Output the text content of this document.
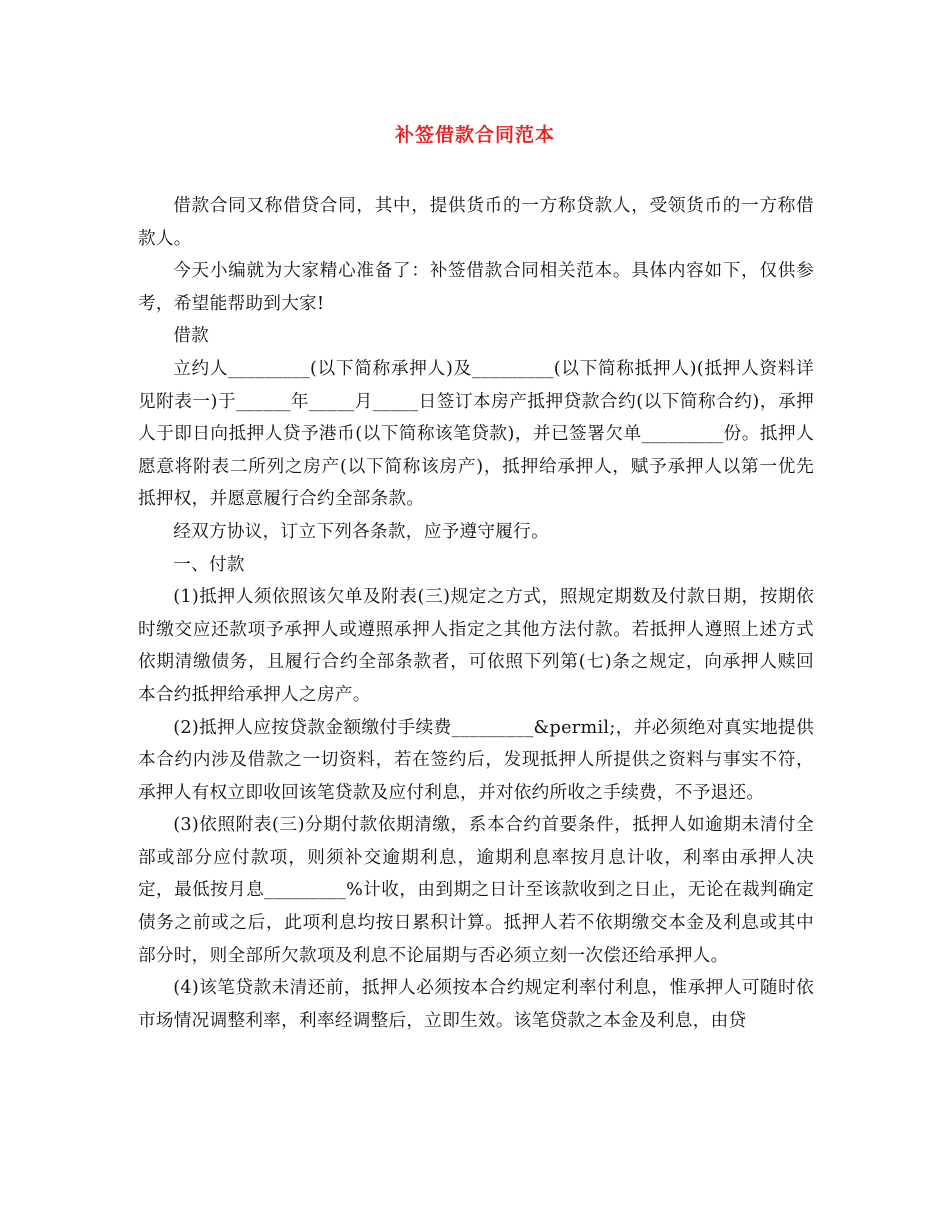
补签借款合同范本

借款合同又称借贷合同，其中，提供货币的一方称贷款人，受领货币的一方称借款人。

今天小编就为大家精心准备了：补签借款合同相关范本。具体内容如下，仅供参考，希望能帮助到大家!

借款

立约人_________(以下简称承押人)及_________(以下简称抵押人)(抵押人资料详见附表一)于______年_____月_____日签订本房产抵押贷款合约(以下简称合约)，承押人于即日向抵押人贷予港币(以下简称该笔贷款)，并已签署欠单_________份。抵押人愿意将附表二所列之房产(以下简称该房产)，抵押给承押人，赋予承押人以第一优先抵押权，并愿意履行合约全部条款。

经双方协议，订立下列各条款，应予遵守履行。

一、付款

(1)抵押人须依照该欠单及附表(三)规定之方式，照规定期数及付款日期，按期依时缴交应还款项予承押人或遵照承押人指定之其他方法付款。若抵押人遵照上述方式依期清缴债务，且履行合约全部条款者，可依照下列第(七)条之规定，向承押人赎回本合约抵押给承押人之房产。

(2)抵押人应按贷款金额缴付手续费_________&permil;，并必须绝对真实地提供本合约内涉及借款之一切资料，若在签约后，发现抵押人所提供之资料与事实不符，承押人有权立即收回该笔贷款及应付利息，并对依约所收之手续费，不予退还。

(3)依照附表(三)分期付款依期清缴，系本合约首要条件，抵押人如逾期未清付全部或部分应付款项，则须补交逾期利息，逾期利息率按月息计收，利率由承押人决定，最低按月息_________%计收，由到期之日计至该款收到之日止，无论在裁判确定债务之前或之后，此项利息均按日累积计算。抵押人若不依期缴交本金及利息或其中部分时，则全部所欠款项及利息不论届期与否必须立刻一次偿还给承押人。

(4)该笔贷款未清还前，抵押人必须按本合约规定利率付利息，惟承押人可随时依市场情况调整利率，利率经调整后，立即生效。该笔贷款之本金及利息，由贷
